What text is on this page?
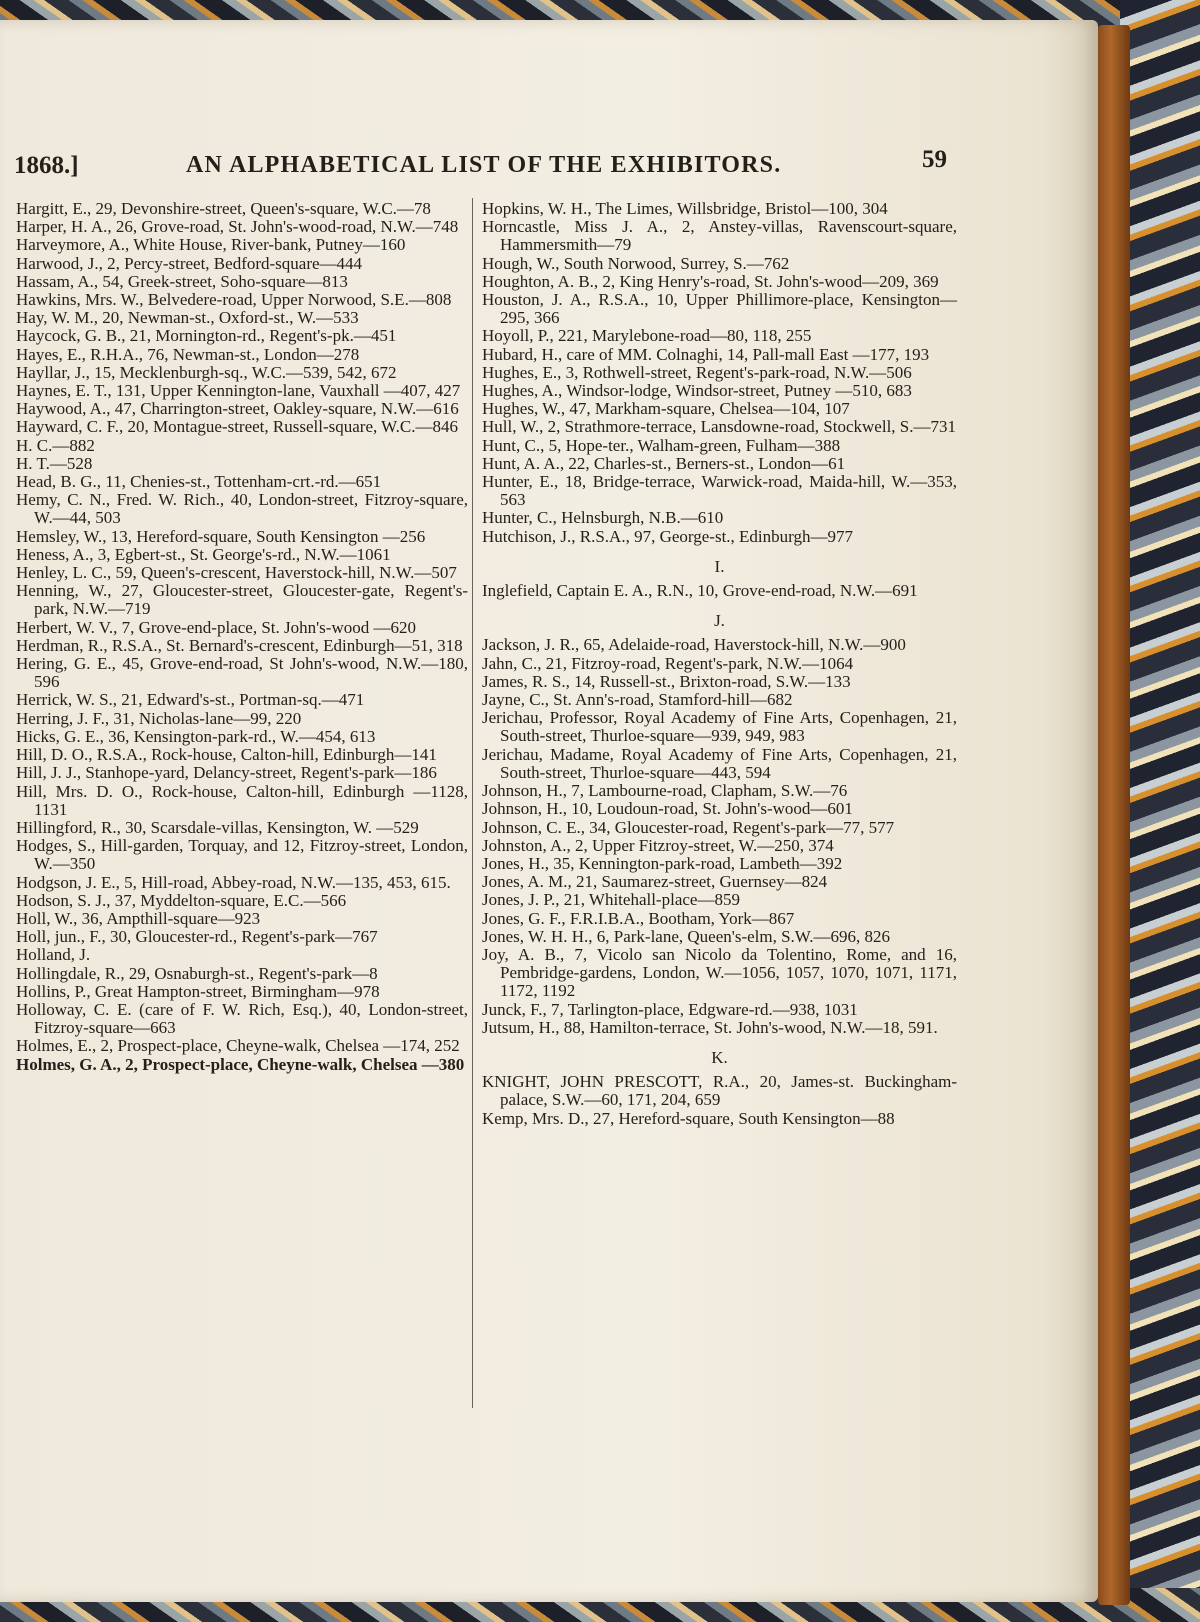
1868.]	AN ALPHABETICAL LIST OF THE EXHIBITORS.	59

Hargitt, E., 29, Devonshire-street, Queen's-square, W.C.—78

Harper, H. A., 26, Grove-road, St. John's-wood-road, N.W.—748

Harveymore, A., White House, River-bank, Putney—160

Harwood, J., 2, Percy-street, Bedford-square—444

Hassam, A., 54, Greek-street, Soho-square—813

Hawkins, Mrs. W., Belvedere-road, Upper Norwood, S.E.—808

Hay, W. M., 20, Newman-st., Oxford-st., W.—533

Haycock, G. B., 21, Mornington-rd., Regent's-pk.—451

Hayes, E., R.H.A., 76, Newman-st., London—278

Hayllar, J., 15, Mecklenburgh-sq., W.C.—539, 542, 672

Haynes, E. T., 131, Upper Kennington-lane, Vauxhall —407, 427

Haywood, A., 47, Charrington-street, Oakley-square, N.W.—616

Hayward, C. F., 20, Montague-street, Russell-square, W.C.—846

H. C.—882

H. T.—528

Head, B. G., 11, Chenies-st., Tottenham-crt.-rd.—651

Hemy, C. N., Fred. W. Rich., 40, London-street, Fitzroy-square, W.—44, 503

Hemsley, W., 13, Hereford-square, South Kensington —256

Heness, A., 3, Egbert-st., St. George's-rd., N.W.—1061

Henley, L. C., 59, Queen's-crescent, Haverstock-hill, N.W.—507

Henning, W., 27, Gloucester-street, Gloucester-gate, Regent's-park, N.W.—719

Herbert, W. V., 7, Grove-end-place, St. John's-wood —620

Herdman, R., R.S.A., St. Bernard's-crescent, Edinburgh—51, 318

Hering, G. E., 45, Grove-end-road, St John's-wood, N.W.—180, 596

Herrick, W. S., 21, Edward's-st., Portman-sq.—471

Herring, J. F., 31, Nicholas-lane—99, 220

Hicks, G. E., 36, Kensington-park-rd., W.—454, 613

Hill, D. O., R.S.A., Rock-house, Calton-hill, Edinburgh—141

Hill, J. J., Stanhope-yard, Delancy-street, Regent's-park—186

Hill, Mrs. D. O., Rock-house, Calton-hill, Edinburgh —1128, 1131

Hillingford, R., 30, Scarsdale-villas, Kensington, W. —529

Hodges, S., Hill-garden, Torquay, and 12, Fitzroy-street, London, W.—350

Hodgson, J. E., 5, Hill-road, Abbey-road, N.W.—135, 453, 615.

Hodson, S. J., 37, Myddelton-square, E.C.—566

Holl, W., 36, Ampthill-square—923

Holl, jun., F., 30, Gloucester-rd., Regent's-park—767

Holland, J.

Hollingdale, R., 29, Osnaburgh-st., Regent's-park—8

Hollins, P., Great Hampton-street, Birmingham—978

Holloway, C. E. (care of F. W. Rich, Esq.), 40, London-street, Fitzroy-square—663

Holmes, E., 2, Prospect-place, Cheyne-walk, Chelsea —174, 252

Holmes, G. A., 2, Prospect-place, Cheyne-walk, Chelsea —380

Hopkins, W. H., The Limes, Willsbridge, Bristol—100, 304

Horncastle, Miss J. A., 2, Anstey-villas, Ravenscourt-square, Hammersmith—79

Hough, W., South Norwood, Surrey, S.—762

Houghton, A. B., 2, King Henry's-road, St. John's-wood—209, 369

Houston, J. A., R.S.A., 10, Upper Phillimore-place, Kensington—295, 366

Hoyoll, P., 221, Marylebone-road—80, 118, 255

Hubard, H., care of MM. Colnaghi, 14, Pall-mall East —177, 193

Hughes, E., 3, Rothwell-street, Regent's-park-road, N.W.—506

Hughes, A., Windsor-lodge, Windsor-street, Putney —510, 683

Hughes, W., 47, Markham-square, Chelsea—104, 107

Hull, W., 2, Strathmore-terrace, Lansdowne-road, Stockwell, S.—731

Hunt, C., 5, Hope-ter., Walham-green, Fulham—388

Hunt, A. A., 22, Charles-st., Berners-st., London—61

Hunter, E., 18, Bridge-terrace, Warwick-road, Maida-hill, W.—353, 563

Hunter, C., Helnsburgh, N.B.—610

Hutchison, J., R.S.A., 97, George-st., Edinburgh—977

I.

Inglefield, Captain E. A., R.N., 10, Grove-end-road, N.W.—691

J.

Jackson, J. R., 65, Adelaide-road, Haverstock-hill, N.W.—900

Jahn, C., 21, Fitzroy-road, Regent's-park, N.W.—1064

James, R. S., 14, Russell-st., Brixton-road, S.W.—133

Jayne, C., St. Ann's-road, Stamford-hill—682

Jerichau, Professor, Royal Academy of Fine Arts, Copenhagen, 21, South-street, Thurloe-square—939, 949, 983

Jerichau, Madame, Royal Academy of Fine Arts, Copenhagen, 21, South-street, Thurloe-square—443, 594

Johnson, H., 7, Lambourne-road, Clapham, S.W.—76

Johnson, H., 10, Loudoun-road, St. John's-wood—601

Johnson, C. E., 34, Gloucester-road, Regent's-park—77, 577

Johnston, A., 2, Upper Fitzroy-street, W.—250, 374

Jones, H., 35, Kennington-park-road, Lambeth—392

Jones, A. M., 21, Saumarez-street, Guernsey—824

Jones, J. P., 21, Whitehall-place—859

Jones, G. F., F.R.I.B.A., Bootham, York—867

Jones, W. H. H., 6, Park-lane, Queen's-elm, S.W.—696, 826

Joy, A. B., 7, Vicolo san Nicolo da Tolentino, Rome, and 16, Pembridge-gardens, London, W.—1056, 1057, 1070, 1071, 1171, 1172, 1192

Junck, F., 7, Tarlington-place, Edgware-rd.—938, 1031

Jutsum, H., 88, Hamilton-terrace, St. John's-wood, N.W.—18, 591.

K.

KNIGHT, JOHN PRESCOTT, R.A., 20, James-st. Buckingham-palace, S.W.—60, 171, 204, 659

Kemp, Mrs. D., 27, Hereford-square, South Kensington—88
